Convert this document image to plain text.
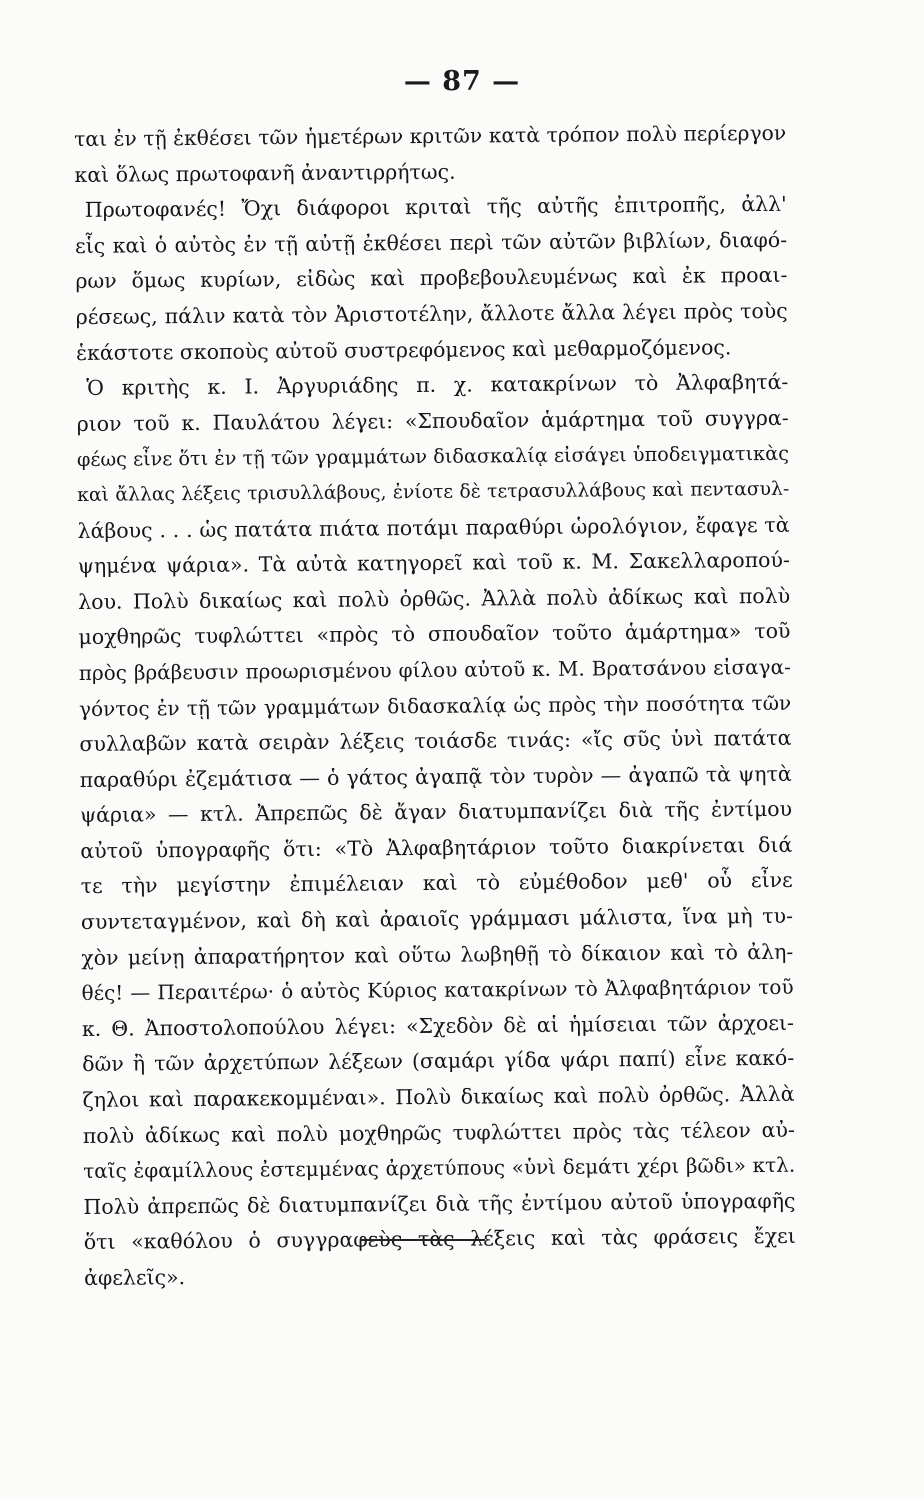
— 87 —
ται ἐν τῇ ἐκθέσει τῶν ἡμετέρων κριτῶν κατὰ τρόπον πολὺ περίεργον
καὶ ὅλως πρωτοφανῆ ἀναντιρρήτως.
Πρωτοφανές! Ὄχι διάφοροι κριταὶ τῆς αὐτῆς ἐπιτροπῆς, ἀλλ'
εἷς καὶ ὁ αὐτὸς ἐν τῇ αὐτῇ ἐκθέσει περὶ τῶν αὐτῶν βιβλίων, διαφό-
ρων ὅμως κυρίων, εἰδὼς καὶ προβεβουλευμένως καὶ ἐκ προαι-
ρέσεως, πάλιν κατὰ τὸν Ἀριστοτέλην, ἄλλοτε ἄλλα λέγει πρὸς τοὺς
ἑκάστοτε σκοποὺς αὐτοῦ συστρεφόμενος καὶ μεθαρμοζόμενος.
Ὁ κριτὴς κ. Ι. Ἀργυριάδης π. χ. κατακρίνων τὸ Ἀλφαβητά-
ριον τοῦ κ. Παυλάτου λέγει: «Σπουδαῖον ἁμάρτημα τοῦ συγγρα-
φέως εἶνε ὅτι ἐν τῇ τῶν γραμμάτων διδασκαλίᾳ εἰσάγει ὑποδειγματικὰς
καὶ ἄλλας λέξεις τρισυλλάβους, ἐνίοτε δὲ τετρασυλλάβους καὶ πεντασυλ-
λάβους . . . ὡς πατάτα πιάτα ποτάμι παραθύρι ὡρολόγιον, ἔφαγε τὰ
ψημένα ψάρια». Τὰ αὐτὰ κατηγορεῖ καὶ τοῦ κ. Μ. Σακελλαροπού-
λου. Πολὺ δικαίως καὶ πολὺ ὀρθῶς. Ἀλλὰ πολὺ ἀδίκως καὶ πολὺ
μοχθηρῶς τυφλώττει «πρὸς τὸ σπουδαῖον τοῦτο ἁμάρτημα» τοῦ
πρὸς βράβευσιν προωρισμένου φίλου αὐτοῦ κ. Μ. Βρατσάνου εἰσαγα-
γόντος ἐν τῇ τῶν γραμμάτων διδασκαλίᾳ ὡς πρὸς τὴν ποσότητα τῶν
συλλαβῶν κατὰ σειρὰν λέξεις τοιάσδε τινάς: «ἴς σῦς ὑνὶ πατάτα
παραθύρι ἐζεμάτισα — ὁ γάτος ἀγαπᾷ τὸν τυρὸν — ἀγαπῶ τὰ ψητὰ
ψάρια» — κτλ. Ἀπρεπῶς δὲ ἄγαν διατυμπανίζει διὰ τῆς ἐντίμου
αὐτοῦ ὑπογραφῆς ὅτι: «Τὸ Ἀλφαβητάριον τοῦτο διακρίνεται διά
τε τὴν μεγίστην ἐπιμέλειαν καὶ τὸ εὐμέθοδον μεθ' οὗ εἶνε
συντεταγμένον, καὶ δὴ καὶ ἀραιοῖς γράμμασι μάλιστα, ἵνα μὴ τυ-
χὸν μείνῃ ἀπαρατήρητον καὶ οὕτω λωβηθῇ τὸ δίκαιον καὶ τὸ ἀλη-
θές! — Περαιτέρω· ὁ αὐτὸς Κύριος κατακρίνων τὸ Ἀλφαβητάριον τοῦ
κ. Θ. Ἀποστολοπούλου λέγει: «Σχεδὸν δὲ αἱ ἡμίσειαι τῶν ἀρχοει-
δῶν ἢ τῶν ἀρχετύπων λέξεων (σαμάρι γίδα ψάρι παπί) εἶνε κακό-
ζηλοι καὶ παρακεκομμέναι». Πολὺ δικαίως καὶ πολὺ ὀρθῶς. Ἀλλὰ
πολὺ ἀδίκως καὶ πολὺ μοχθηρῶς τυφλώττει πρὸς τὰς τέλεον αὐ-
ταῖς ἐφαμίλλους ἐστεμμένας ἀρχετύπους «ὑνὶ δεμάτι χέρι βῶδι» κτλ.
Πολὺ ἀπρεπῶς δὲ διατυμπανίζει διὰ τῆς ἐντίμου αὐτοῦ ὑπογραφῆς
ὅτι «καθόλου ὁ συγγραφεὺς τὰς λέξεις καὶ τὰς φράσεις ἔχει
ἀφελεῖς».
